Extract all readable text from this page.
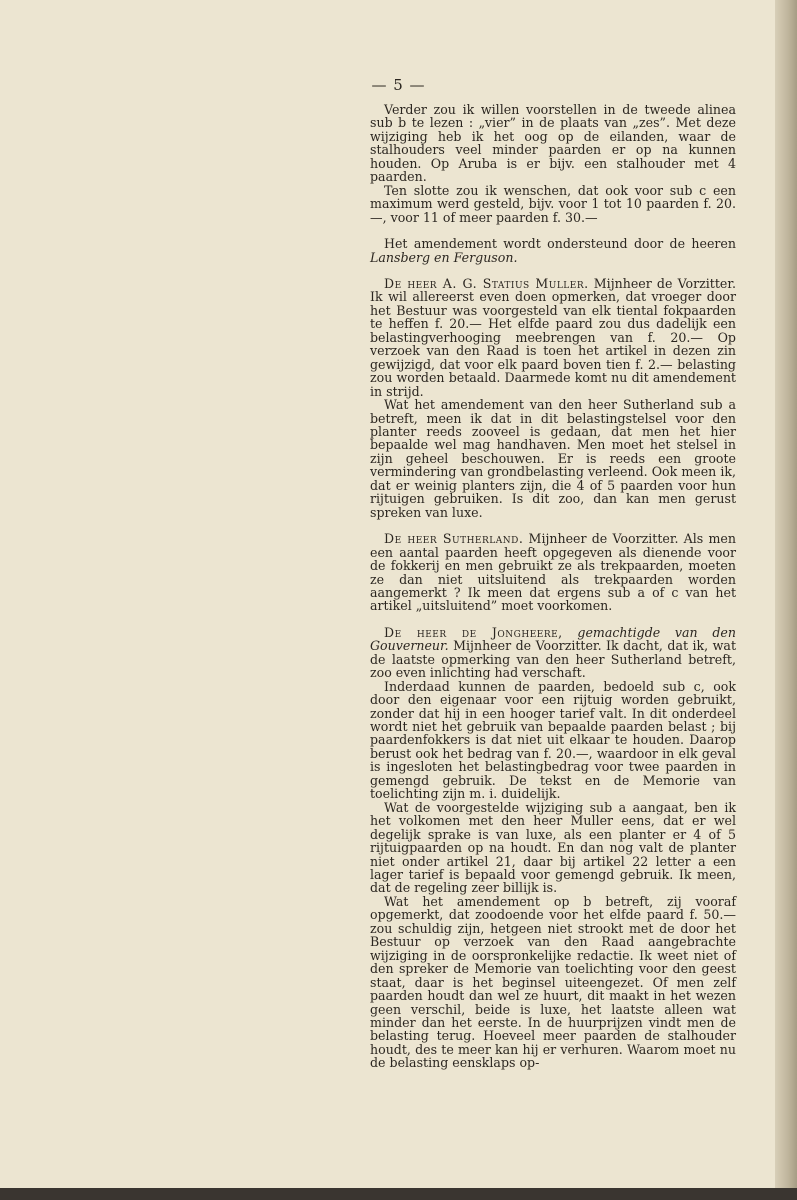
— 5 —

Verder zou ik willen voorstellen in de tweede alinea sub b te lezen : „vier” in de plaats van „zes”. Met deze wijziging heb ik het oog op de eilanden, waar de stalhouders veel minder paarden er op na kunnen houden. Op Aruba is er bijv. een stalhouder met 4 paarden.

Ten slotte zou ik wenschen, dat ook voor sub c een maximum werd gesteld, bijv. voor 1 tot 10 paarden f. 20.—, voor 11 of meer paarden f. 30.—

Het amendement wordt ondersteund door de heeren Lansberg en Ferguson.

De heer A. G. Statius Muller. Mijnheer de Vorzitter. Ik wil allereerst even doen opmerken, dat vroeger door het Bestuur was voorgesteld van elk tiental fokpaarden te heffen f. 20.— Het elfde paard zou dus dadelijk een belastingverhooging meebrengen van f. 20.— Op verzoek van den Raad is toen het artikel in dezen zin gewijzigd, dat voor elk paard boven tien f. 2.— belasting zou worden betaald. Daarmede komt nu dit amendement in strijd.

Wat het amendement van den heer Sutherland sub a betreft, meen ik dat in dit belastingstelsel voor den planter reeds zooveel is gedaan, dat men het hier bepaalde wel mag handhaven. Men moet het stelsel in zijn geheel beschouwen. Er is reeds een groote vermindering van grondbelasting verleend. Ook meen ik, dat er weinig planters zijn, die 4 of 5 paarden voor hun rijtuigen gebruiken. Is dit zoo, dan kan men gerust spreken van luxe.

De heer Sutherland. Mijnheer de Voorzitter. Als men een aantal paarden heeft opgegeven als dienende voor de fokkerij en men gebruikt ze als trekpaarden, moeten ze dan niet uitsluitend als trekpaarden worden aangemerkt ? Ik meen dat ergens sub a of c van het artikel „uitsluitend” moet voorkomen.

De heer de Jongheere, gemachtigde van den Gouverneur. Mijnheer de Voorzitter. Ik dacht, dat ik, wat de laatste opmerking van den heer Sutherland betreft, zoo even inlichting had verschaft.

Inderdaad kunnen de paarden, bedoeld sub c, ook door den eigenaar voor een rijtuig worden gebruikt, zonder dat hij in een hooger tarief valt. In dit onderdeel wordt niet het gebruik van bepaalde paarden belast ; bij paardenfokkers is dat niet uit elkaar te houden. Daarop berust ook het bedrag van f. 20.—, waardoor in elk geval is ingesloten het belastingbedrag voor twee paarden in gemengd gebruik. De tekst en de Memorie van toelichting zijn m. i. duidelijk.

Wat de voorgestelde wijziging sub a aangaat, ben ik het volkomen met den heer Muller eens, dat er wel degelijk sprake is van luxe, als een planter er 4 of 5 rijtuigpaarden op na houdt. En dan nog valt de planter niet onder artikel 21, daar bij artikel 22 letter a een lager tarief is bepaald voor gemengd gebruik. Ik meen, dat de regeling zeer billijk is.

Wat het amendement op b betreft, zij vooraf opgemerkt, dat zoodoende voor het elfde paard f. 50.— zou schuldig zijn, hetgeen niet strookt met de door het Bestuur op verzoek van den Raad aangebrachte wijziging in de oorspronkelijke redactie. Ik weet niet of den spreker de Memorie van toelichting voor den geest staat, daar is het beginsel uiteengezet. Of men zelf paarden houdt dan wel ze huurt, dit maakt in het wezen geen verschil, beide is luxe, het laatste alleen wat minder dan het eerste. In de huurprijzen vindt men de belasting terug. Hoeveel meer paarden de stalhouder houdt, des te meer kan hij er verhuren. Waarom moet nu de belasting eensklaps op-
